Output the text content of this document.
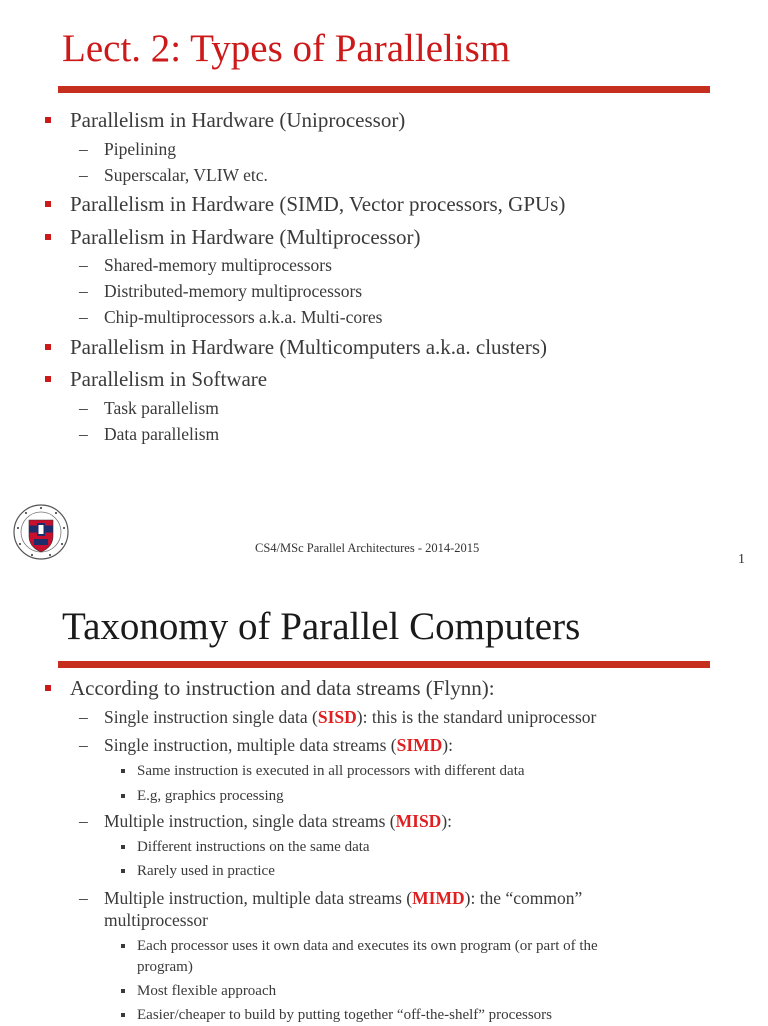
Lect. 2: Types of Parallelism
Parallelism in Hardware (Uniprocessor)
– Pipelining
– Superscalar, VLIW etc.
Parallelism in Hardware (SIMD, Vector processors, GPUs)
Parallelism in Hardware (Multiprocessor)
– Shared-memory multiprocessors
– Distributed-memory multiprocessors
– Chip-multiprocessors a.k.a. Multi-cores
Parallelism in Hardware (Multicomputers a.k.a. clusters)
Parallelism in Software
– Task parallelism
– Data parallelism
CS4/MSc Parallel Architectures - 2014-2015
1
Taxonomy of Parallel Computers
According to instruction and data streams (Flynn):
– Single instruction single data (SISD): this is the standard uniprocessor
– Single instruction, multiple data streams (SIMD):
Same instruction is executed in all processors with different data
E.g, graphics processing
– Multiple instruction, single data streams (MISD):
Different instructions on the same data
Rarely used in practice
– Multiple instruction, multiple data streams (MIMD): the “common”
multiprocessor
Each processor uses it own data and executes its own program (or part of the
program)
Most flexible approach
Easier/cheaper to build by putting together “off-the-shelf” processors
